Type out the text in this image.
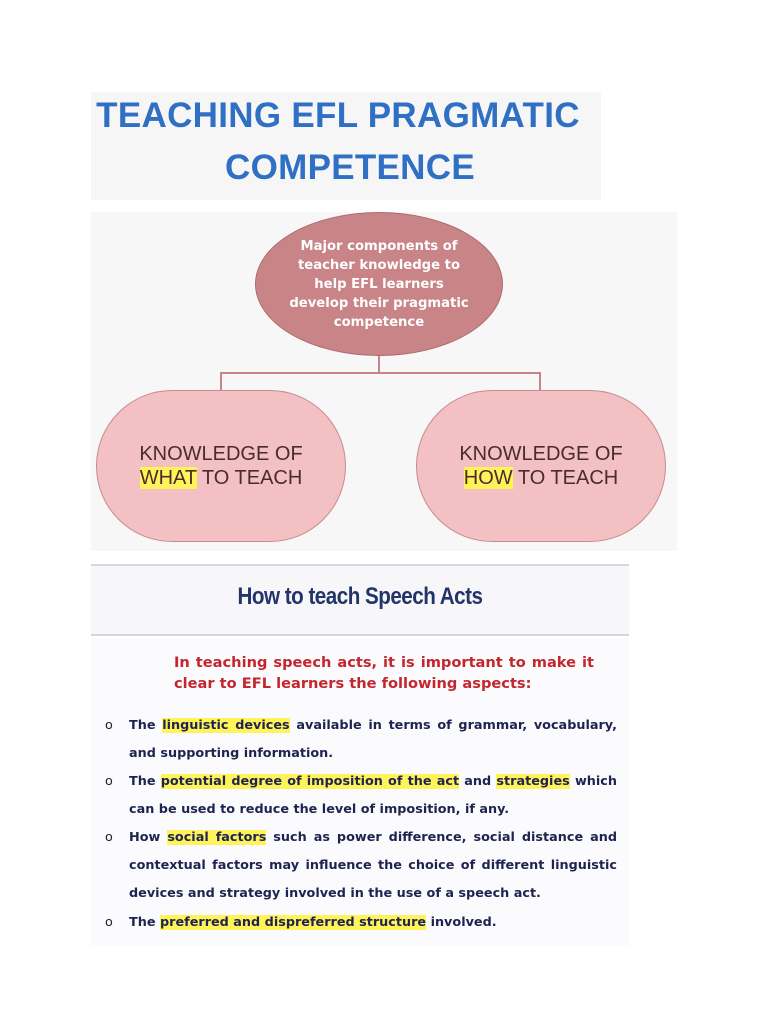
TEACHING EFL PRAGMATIC
COMPETENCE
Major components of teacher knowledge to help EFL learners develop their pragmatic competence
KNOWLEDGE OF
WHAT TO TEACH
KNOWLEDGE OF
HOW TO TEACH
How to teach Speech Acts
In teaching speech acts, it is important to make it clear to EFL learners the following aspects:
o The linguistic devices available in terms of grammar, vocabulary, and supporting information.
o The potential degree of imposition of the act and strategies which can be used to reduce the level of imposition, if any.
o How social factors such as power difference, social distance and contextual factors may influence the choice of different linguistic devices and strategy involved in the use of a speech act.
o The preferred and dispreferred structure involved.
